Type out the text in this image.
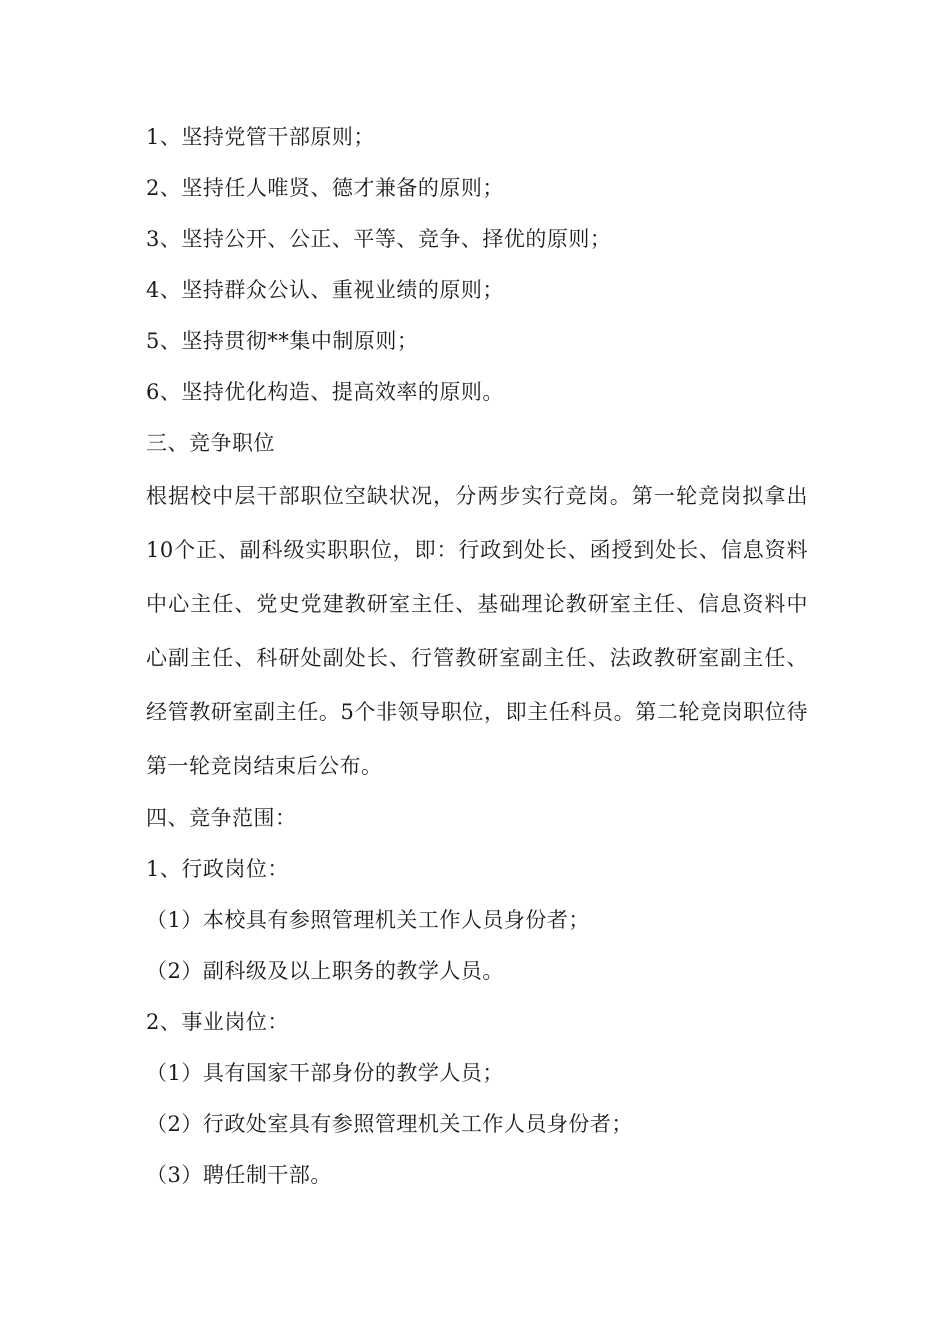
1、坚持党管干部原则；
2、坚持任人唯贤、德才兼备的原则；
3、坚持公开、公正、平等、竞争、择优的原则；
4、坚持群众公认、重视业绩的原则；
5、坚持贯彻**集中制原则；
6、坚持优化构造、提高效率的原则。
三、竞争职位
根据校中层干部职位空缺状况，分两步实行竞岗。第一轮竞岗拟拿出10个正、副科级实职职位，即：行政到处长、函授到处长、信息资料中心主任、党史党建教研室主任、基础理论教研室主任、信息资料中心副主任、科研处副处长、行管教研室副主任、法政教研室副主任、经管教研室副主任。5个非领导职位，即主任科员。第二轮竞岗职位待第一轮竞岗结束后公布。
四、竞争范围：
1、行政岗位：
（1）本校具有参照管理机关工作人员身份者；
（2）副科级及以上职务的教学人员。
2、事业岗位：
（1）具有国家干部身份的教学人员；
（2）行政处室具有参照管理机关工作人员身份者；
（3）聘任制干部。
